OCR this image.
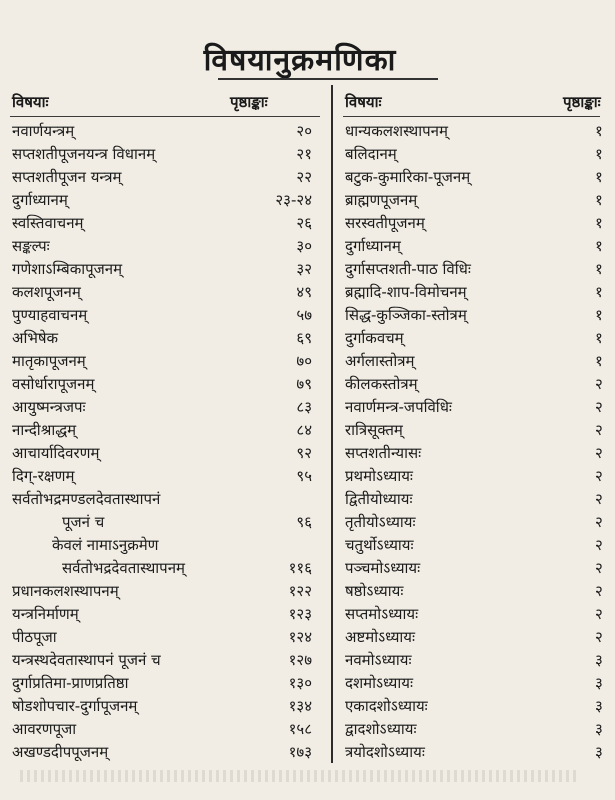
विषयानुक्रमणिका
विषयाः	पृष्ठाङ्काः	विषयाः	पृष्ठाङ्काः
नवार्णयन्त्रम्	२०
सप्तशतीपूजनयन्त्र विधानम्	२१
सप्तशतीपूजन यन्त्रम्	२२
दुर्गाध्यानम्	२३-२४
स्वस्तिवाचनम्	२६
सङ्कल्पः	३०
गणेशाऽम्बिकापूजनम्	३२
कलशपूजनम्	४९
पुण्याहवाचनम्	५७
अभिषेक	६९
मातृकापूजनम्	७०
वसोर्धारापूजनम्	७९
आयुष्मन्त्रजपः	८३
नान्दीश्राद्धम्	८४
आचार्यादिवरणम्	९२
दिग्-रक्षणम्	९५
सर्वतोभद्रमण्डलदेवतास्थापनं
पूजनं च	९६
केवलं नामाऽनुक्रमेण
सर्वतोभद्रदेवतास्थापनम्	११६
प्रधानकलशस्थापनम्	१२२
यन्त्रनिर्माणम्	१२३
पीठपूजा	१२४
यन्त्रस्थदेवतास्थापनं पूजनं च	१२७
दुर्गाप्रतिमा-प्राणप्रतिष्ठा	१३०
षोडशोपचार-दुर्गापूजनम्	१३४
आवरणपूजा	१५८
अखण्डदीपपूजनम्	१७३
धान्यकलशस्थापनम्	१
बलिदानम्	१
बटुक-कुमारिका-पूजनम्	१
ब्राह्मणपूजनम्	१
सरस्वतीपूजनम्	१
दुर्गाध्यानम्	१
दुर्गासप्तशती-पाठ विधिः	१
ब्रह्मादि-शाप-विमोचनम्	१
सिद्ध-कुञ्जिका-स्तोत्रम्	१
दुर्गाकवचम्	१
अर्गलास्तोत्रम्	१
कीलकस्तोत्रम्	२
नवार्णमन्त्र-जपविधिः	२
रात्रिसूक्तम्	२
सप्तशतीन्यासः	२
प्रथमोऽध्यायः	२
द्वितीयोध्यायः	२
तृतीयोऽध्यायः	२
चतुर्थोऽध्यायः	२
पञ्चमोऽध्यायः	२
षष्ठोऽध्यायः	२
सप्तमोऽध्यायः	२
अष्टमोऽध्यायः	२
नवमोऽध्यायः	३
दशमोऽध्यायः	३
एकादशोऽध्यायः	३
द्वादशोऽध्यायः	३
त्रयोदशोऽध्यायः	३
